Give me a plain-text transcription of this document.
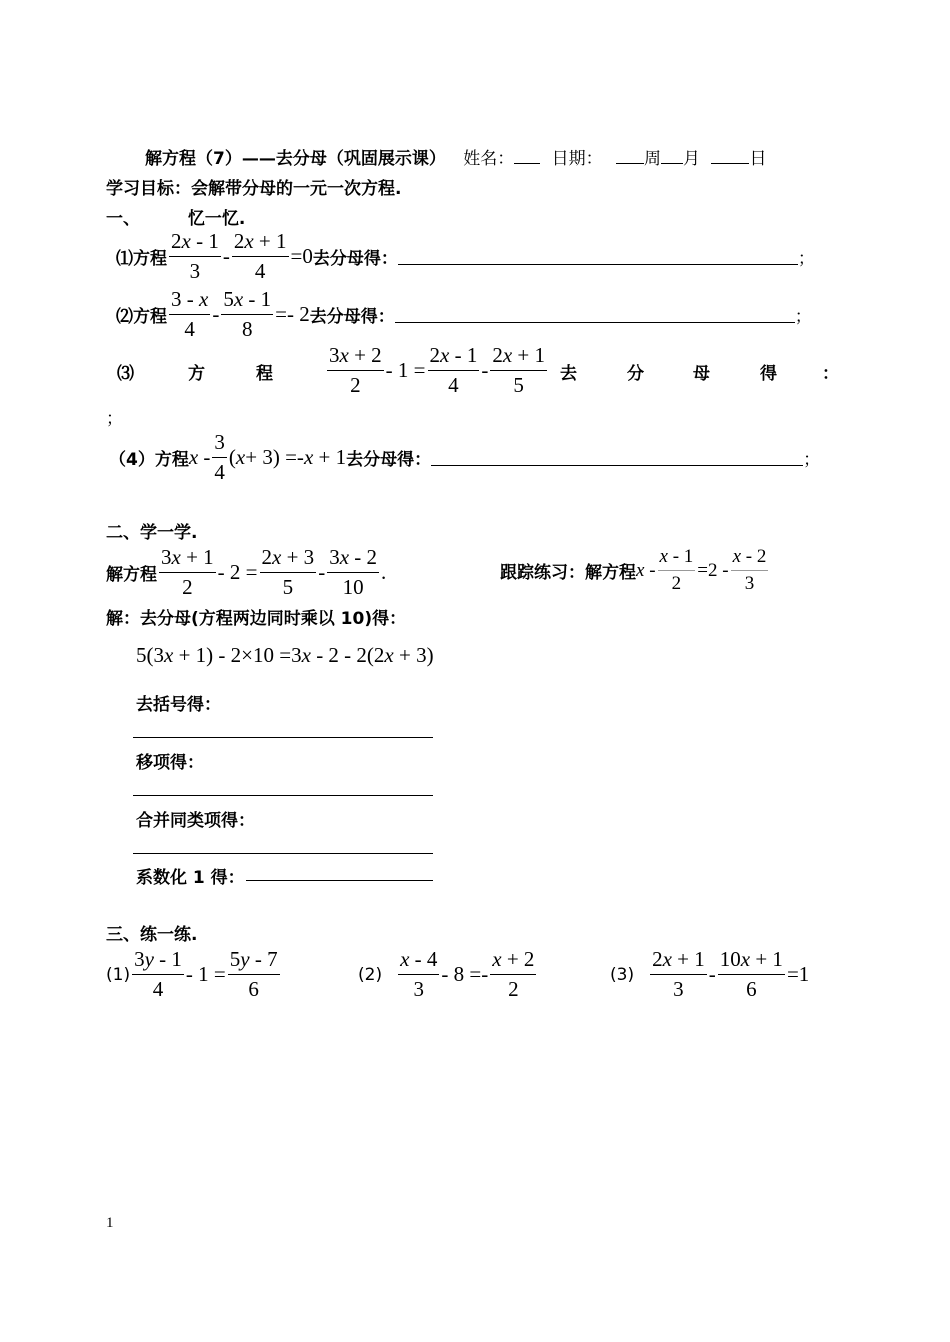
解方程（7）——去分母（巩固展示课） 姓名： 日期： 周 月	日
学习目标：会解带分母的一元一次方程.
一、	忆一忆.
⑴方程 $\frac{2x - 1}{3} - \frac{2x + 1}{4} =0$ 去分母得：	；
⑵方程 $\frac{3 - x}{4} - \frac{5x - 1}{8} =- 2$ 去分母得：	；
⑶	方	程	$\frac{3x + 2}{2} - 1 = \frac{2x - 1}{4} - \frac{2x + 1}{5}$ 去	分	母	得	：
；
（4）方程 x - $\frac{3}{4}$ ( x + 3) =- x + 1 去分母得：	；
二、学一学.
解方程 $\frac{3x + 1}{2} - 2 = \frac{2x + 3}{5} - \frac{3x - 2}{10}$ .	跟踪练习：解方程 $x - \frac{x - 1}{2} =2 - \frac{x - 2}{3}$
解：去分母(方程两边同时乘以 10)得：
5(3x + 1) - 2×10 =3x - 2 - 2(2x + 3)
去括号得：
移项得：
合并同类项得：
系数化 1 得：
三、练一练.
$(1) \frac{3y - 1}{4} - 1 = \frac{5y - 7}{6}$	$(2) \frac{x - 4}{3} - 8 =- \frac{x + 2}{2}$	$(3) \frac{2x + 1}{3} - \frac{10x + 1}{6} =1$
1
